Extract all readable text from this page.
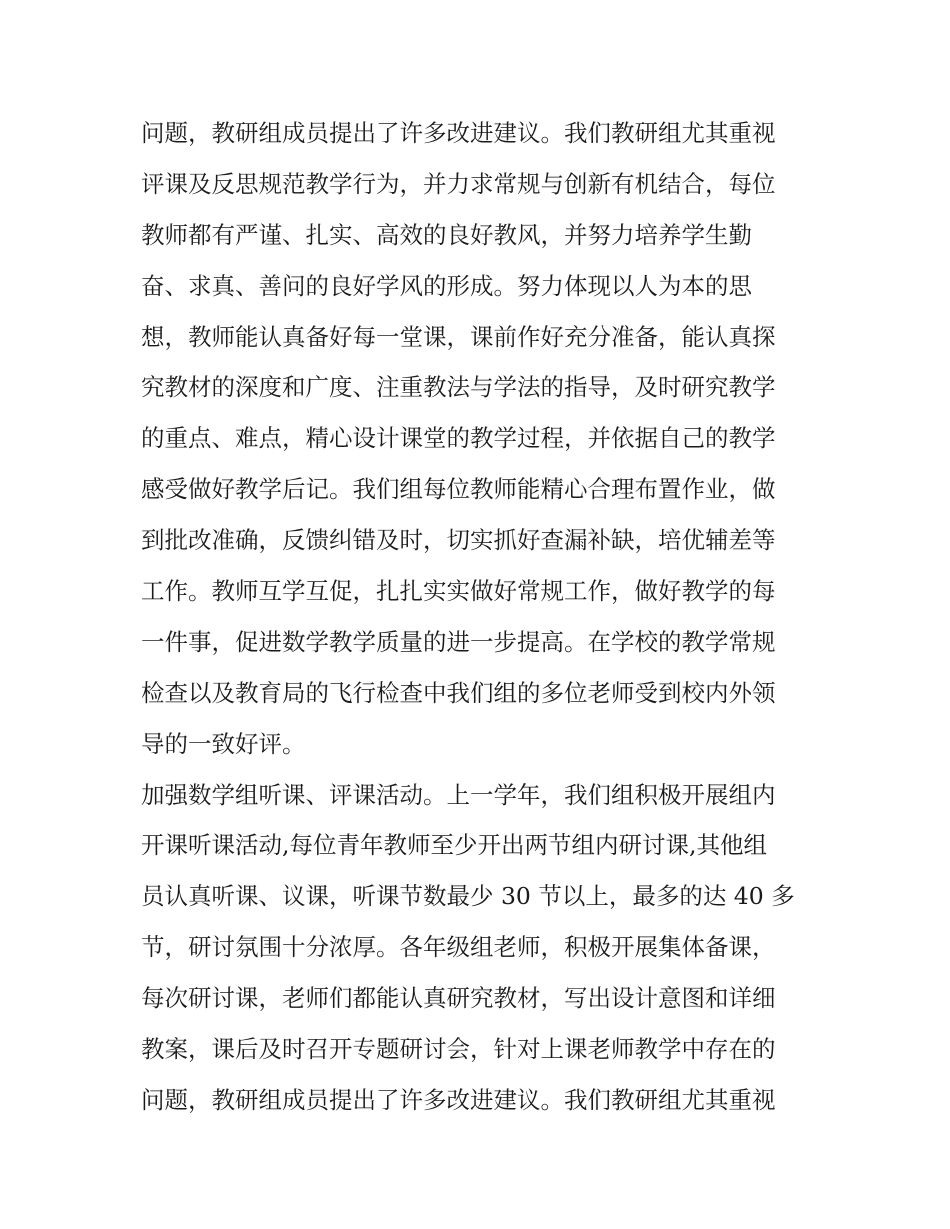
问题，教研组成员提出了许多改进建议。我们教研组尤其重视
评课及反思规范教学行为，并力求常规与创新有机结合，每位
教师都有严谨、扎实、高效的良好教风，并努力培养学生勤
奋、求真、善问的良好学风的形成。努力体现以人为本的思
想，教师能认真备好每一堂课，课前作好充分准备，能认真探
究教材的深度和广度、注重教法与学法的指导，及时研究教学
的重点、难点，精心设计课堂的教学过程，并依据自己的教学
感受做好教学后记。我们组每位教师能精心合理布置作业，做
到批改准确，反馈纠错及时，切实抓好查漏补缺，培优辅差等
工作。教师互学互促，扎扎实实做好常规工作，做好教学的每
一件事，促进数学教学质量的进一步提高。在学校的教学常规
检查以及教育局的飞行检查中我们组的多位老师受到校内外领
导的一致好评。
加强数学组听课、评课活动。上一学年，我们组积极开展组内
开课听课活动,每位青年教师至少开出两节组内研讨课,其他组
员认真听课、议课，听课节数最少 30 节以上，最多的达 40 多
节，研讨氛围十分浓厚。各年级组老师，积极开展集体备课，
每次研讨课，老师们都能认真研究教材，写出设计意图和详细
教案，课后及时召开专题研讨会，针对上课老师教学中存在的
问题，教研组成员提出了许多改进建议。我们教研组尤其重视
